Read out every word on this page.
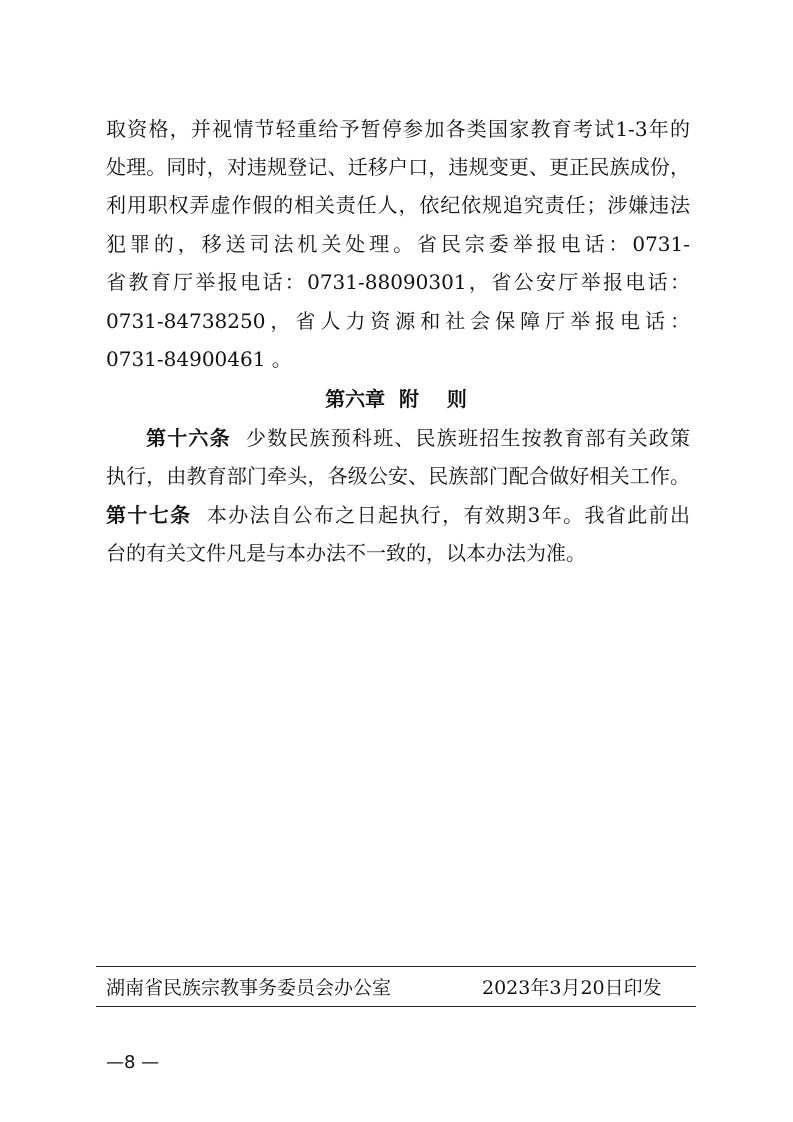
取资格，并视情节轻重给予暂停参加各类国家教育考试1-3年的
处理。同时，对违规登记、迁移户口，违规变更、更正民族成份，
利用职权弄虚作假的相关责任人，依纪依规追究责任；涉嫌违法
犯罪的，移送司法机关处理。省民宗委举报电话：0731-
省教育厅举报电话：0731-88090301，省公安厅举报电话：
0731-84738250，省人力资源和社会保障厅举报电话：
0731-84900461 。
第六章  附    则
第十六条 少数民族预科班、民族班招生按教育部有关政策
执行，由教育部门牵头，各级公安、民族部门配合做好相关工作。
第十七条 本办法自公布之日起执行，有效期3年。我省此前出
台的有关文件凡是与本办法不一致的，以本办法为准。
湖南省民族宗教事务委员会办公室	2023年3月20日印发
—8 —
